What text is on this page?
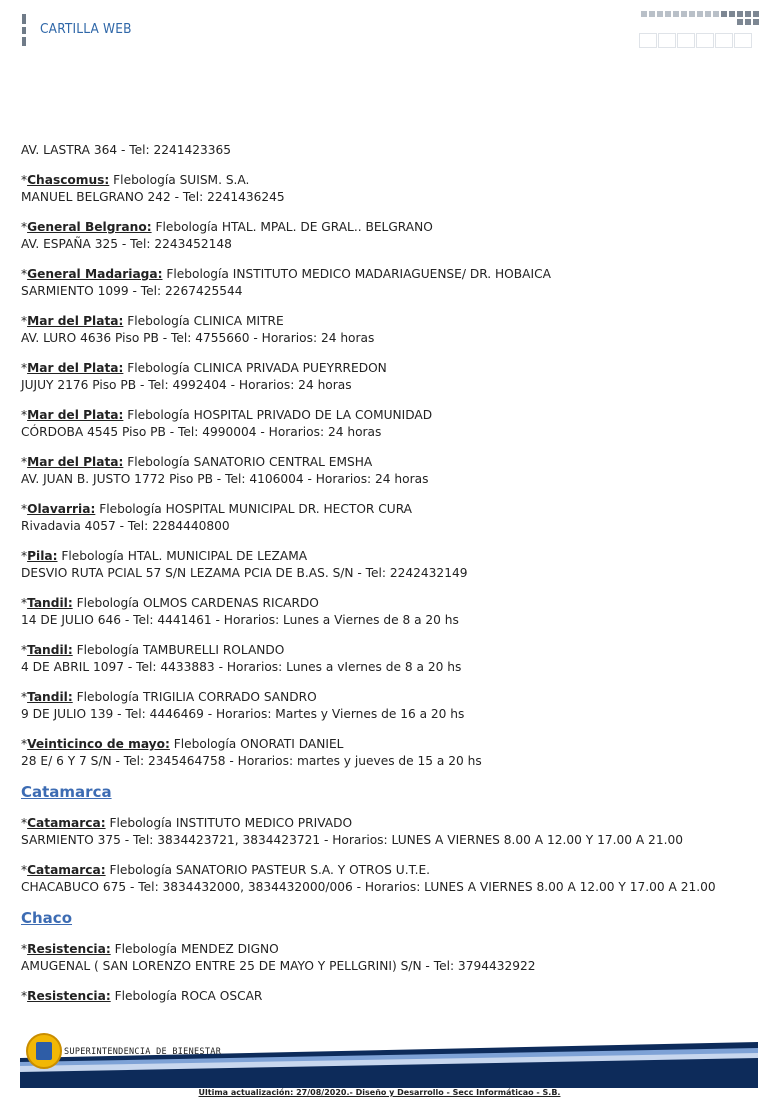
CARTILLA WEB
AV. LASTRA 364 - Tel: 2241423365
*Chascomus: Flebología SUISM. S.A.
MANUEL BELGRANO 242 - Tel: 2241436245
*General Belgrano: Flebología HTAL. MPAL. DE GRAL.. BELGRANO
AV. ESPAÑA 325 - Tel: 2243452148
*General Madariaga: Flebología INSTITUTO MEDICO MADARIAGUENSE/ DR. HOBAICA
SARMIENTO 1099 - Tel: 2267425544
*Mar del Plata: Flebología CLINICA MITRE
AV. LURO 4636 Piso PB - Tel: 4755660 - Horarios: 24 horas
*Mar del Plata: Flebología CLINICA PRIVADA PUEYRREDON
JUJUY 2176 Piso PB - Tel: 4992404 - Horarios: 24 horas
*Mar del Plata: Flebología HOSPITAL PRIVADO DE LA COMUNIDAD
CÓRDOBA 4545 Piso PB - Tel: 4990004 - Horarios: 24 horas
*Mar del Plata: Flebología SANATORIO CENTRAL EMSHA
AV. JUAN B. JUSTO 1772 Piso PB - Tel: 4106004 - Horarios: 24 horas
*Olavarria: Flebología HOSPITAL MUNICIPAL DR. HECTOR CURA
Rivadavia 4057 - Tel: 2284440800
*Pila: Flebología HTAL. MUNICIPAL DE LEZAMA
DESVIO RUTA PCIAL 57 S/N LEZAMA PCIA DE B.AS. S/N - Tel: 2242432149
*Tandil: Flebología OLMOS CARDENAS RICARDO
14 DE JULIO 646 - Tel: 4441461 - Horarios: Lunes a Viernes de 8 a 20 hs
*Tandil: Flebología TAMBURELLI ROLANDO
4 DE ABRIL 1097 - Tel: 4433883 - Horarios: Lunes a vIernes de 8 a 20 hs
*Tandil: Flebología TRIGILIA CORRADO SANDRO
9 DE JULIO 139 - Tel: 4446469 - Horarios: Martes y Viernes de 16 a 20 hs
*Veinticinco de mayo: Flebología ONORATI DANIEL
28 E/ 6 Y 7 S/N - Tel: 2345464758 - Horarios: martes y jueves de 15 a 20 hs
Catamarca
*Catamarca: Flebología INSTITUTO MEDICO PRIVADO
SARMIENTO 375 - Tel: 3834423721, 3834423721 - Horarios: LUNES A VIERNES 8.00 A 12.00 Y 17.00 A 21.00
*Catamarca: Flebología SANATORIO PASTEUR S.A. Y OTROS U.T.E.
CHACABUCO 675 - Tel: 3834432000, 3834432000/006 - Horarios: LUNES A VIERNES 8.00 A 12.00 Y 17.00 A 21.00
Chaco
*Resistencia: Flebología MENDEZ DIGNO
AMUGENAL ( SAN LORENZO ENTRE 25 DE MAYO Y PELLGRINI) S/N - Tel: 3794432922
*Resistencia: Flebología ROCA OSCAR
SUPERINTENDENCIA DE BIENESTAR
Ultima actualización: 27/08/2020.- Diseño y Desarrollo - Secc Informáticao - S.B.
